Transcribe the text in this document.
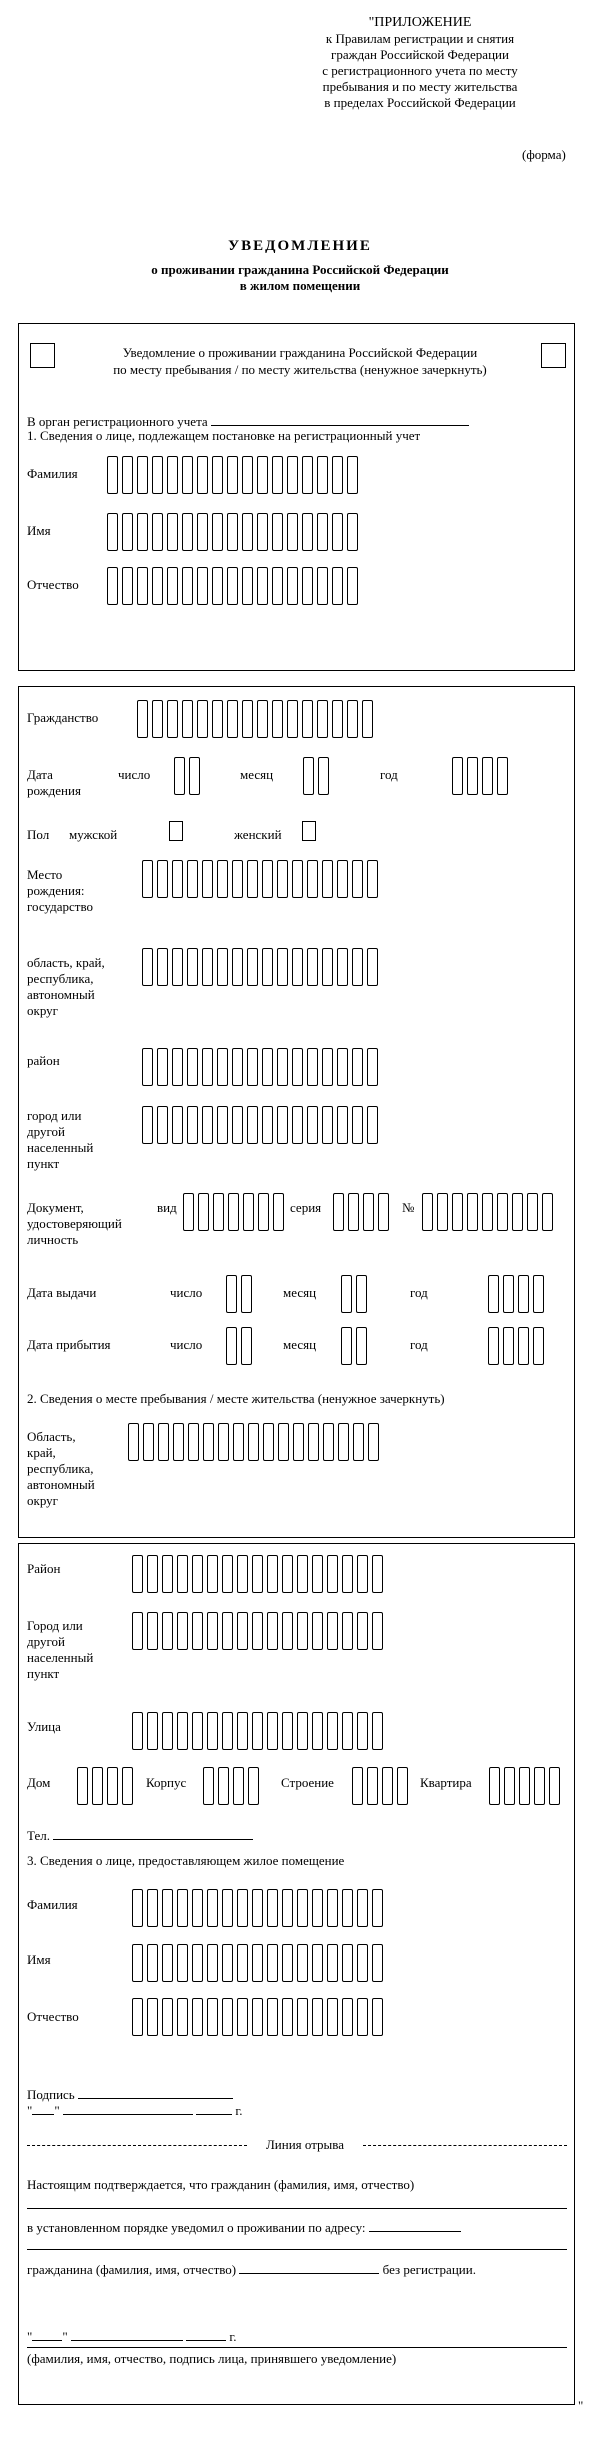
"ПРИЛОЖЕНИЕ
к Правилам регистрации и снятия
граждан Российской Федерации
с регистрационного учета по месту
пребывания и по месту жительства
в пределах Российской Федерации
(форма)
УВЕДОМЛЕНИЕ
о проживании гражданина Российской Федерации
в жилом помещении
Уведомление о проживании гражданина Российской Федерации
по месту пребывания / по месту жительства (ненужное зачеркнуть)
В орган регистрационного учета
1. Сведения о лице, подлежащем постановке на регистрационный учет
Фамилия
Имя
Отчество
Гражданство
Дата
рождения
число	месяц	год
Пол мужской	женский
Место
рождения:
государство
область, край,
республика,
автономный
округ
район
город или
другой
населенный
пункт
Документ,
удостоверяющий
личность
вид	серия	№
Дата выдачи	число	месяц	год
Дата прибытия	число	месяц	год
2. Сведения о месте пребывания / месте жительства (ненужное зачеркнуть)
Область,
край,
республика,
автономный
округ
Район
Город или
другой
населенный
пункт
Улица
Дом	Корпус	Строение	Квартира
Тел.
3. Сведения о лице, предоставляющем жилое помещение
Фамилия
Имя
Отчество
Подпись
" "	г.
Линия отрыва
Настоящим подтверждается, что гражданин (фамилия, имя, отчество)
в установленном порядке уведомил о проживании по адресу:
гражданина (фамилия, имя, отчество)	без регистрации.
" "	г.
(фамилия, имя, отчество, подпись лица, принявшего уведомление)
"
